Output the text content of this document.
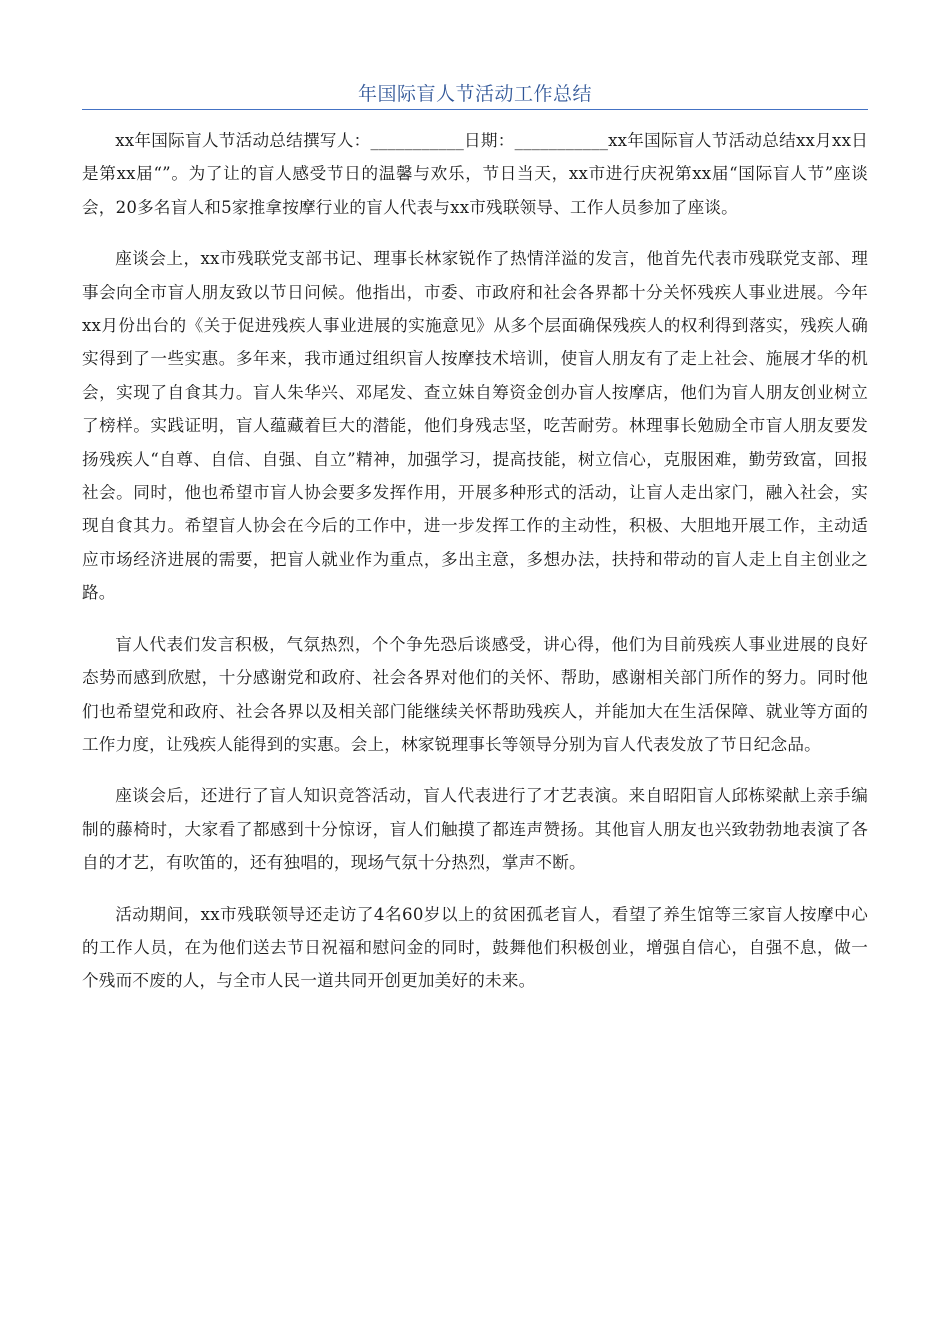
年国际盲人节活动工作总结

xx年国际盲人节活动总结撰写人：___________日期：___________xx年国际盲人节活动总结xx月xx日是第xx届“”。为了让的盲人感受节日的温馨与欢乐，节日当天，xx市进行庆祝第xx届“国际盲人节”座谈会，20多名盲人和5家推拿按摩行业的盲人代表与xx市残联领导、工作人员参加了座谈。

座谈会上，xx市残联党支部书记、理事长林家锐作了热情洋溢的发言，他首先代表市残联党支部、理事会向全市盲人朋友致以节日问候。他指出，市委、市政府和社会各界都十分关怀残疾人事业进展。今年xx月份出台的《关于促进残疾人事业进展的实施意见》从多个层面确保残疾人的权利得到落实，残疾人确实得到了一些实惠。多年来，我市通过组织盲人按摩技术培训，使盲人朋友有了走上社会、施展才华的机会，实现了自食其力。盲人朱华兴、邓尾发、查立妹自筹资金创办盲人按摩店，他们为盲人朋友创业树立了榜样。实践证明，盲人蕴藏着巨大的潜能，他们身残志坚，吃苦耐劳。林理事长勉励全市盲人朋友要发扬残疾人“自尊、自信、自强、自立”精神，加强学习，提高技能，树立信心，克服困难，勤劳致富，回报社会。同时，他也希望市盲人协会要多发挥作用，开展多种形式的活动，让盲人走出家门，融入社会，实现自食其力。希望盲人协会在今后的工作中，进一步发挥工作的主动性，积极、大胆地开展工作，主动适应市场经济进展的需要，把盲人就业作为重点，多出主意，多想办法，扶持和带动的盲人走上自主创业之路。

盲人代表们发言积极，气氛热烈，个个争先恐后谈感受，讲心得，他们为目前残疾人事业进展的良好态势而感到欣慰，十分感谢党和政府、社会各界对他们的关怀、帮助，感谢相关部门所作的努力。同时他们也希望党和政府、社会各界以及相关部门能继续关怀帮助残疾人，并能加大在生活保障、就业等方面的工作力度，让残疾人能得到的实惠。会上，林家锐理事长等领导分别为盲人代表发放了节日纪念品。

座谈会后，还进行了盲人知识竞答活动，盲人代表进行了才艺表演。来自昭阳盲人邱栋梁献上亲手编制的藤椅时，大家看了都感到十分惊讶，盲人们触摸了都连声赞扬。其他盲人朋友也兴致勃勃地表演了各自的才艺，有吹笛的，还有独唱的，现场气氛十分热烈，掌声不断。

活动期间，xx市残联领导还走访了4名60岁以上的贫困孤老盲人，看望了养生馆等三家盲人按摩中心的工作人员，在为他们送去节日祝福和慰问金的同时，鼓舞他们积极创业，增强自信心，自强不息，做一个残而不废的人，与全市人民一道共同开创更加美好的未来。
